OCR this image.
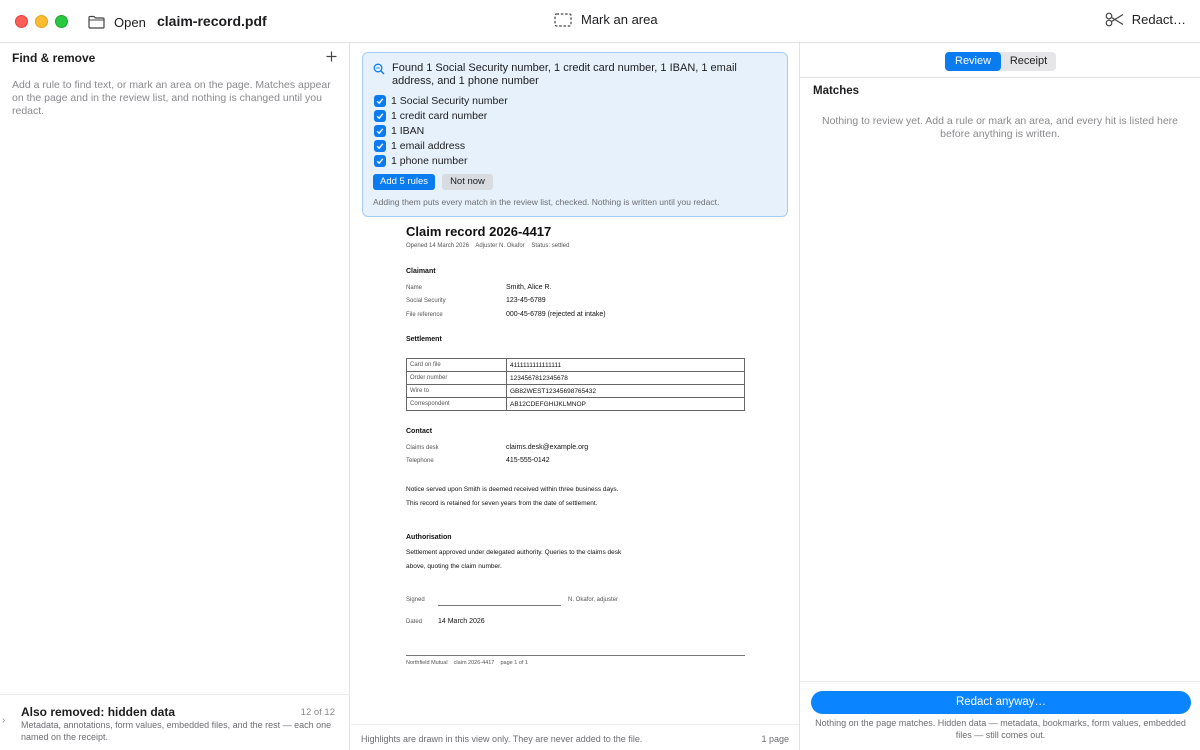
Open claim-record.pdf	Mark an area	Redact…
Find & remove
Add a rule to find text, or mark an area on the page. Matches appear on the page and in the review list, and nothing is changed until you redact.
›
Also removed: hidden data	12 of 12
Metadata, annotations, form values, embedded files, and the rest — each one named on the receipt.
Found 1 Social Security number, 1 credit card number, 1 IBAN, 1 email address, and 1 phone number
1 Social Security number
1 credit card number
1 IBAN
1 email address
1 phone number
Add 5 rules	Not now
Adding them puts every match in the review list, checked. Nothing is written until you redact.
Claim record 2026-4417
Opened 14 March 2026    Adjuster N. Okafor    Status: settled
Claimant
Name	Smith, Alice R.
Social Security	123-45-6789
File reference	000-45-6789 (rejected at intake)
Settlement
Card on file	4111111111111111
Order number	1234567812345678
Wire to	GB82WEST12345698765432
Correspondent	AB12CDEFGHIJKLMNOP
Contact
Claims desk	claims.desk@example.org
Telephone	415-555-0142
Notice served upon Smith is deemed received within three business days.
This record is retained for seven years from the date of settlement.
Authorisation
Settlement approved under delegated authority. Queries to the claims desk
above, quoting the claim number.
Signed	N. Okafor, adjuster
Dated 14 March 2026
Northfield Mutual    claim 2026-4417    page 1 of 1
Highlights are drawn in this view only. They are never added to the file.	1 page
Review	Receipt
Matches
Nothing to review yet. Add a rule or mark an area, and every hit is listed here before anything is written.
Redact anyway…
Nothing on the page matches. Hidden data — metadata, bookmarks, form values, embedded files — still comes out.
